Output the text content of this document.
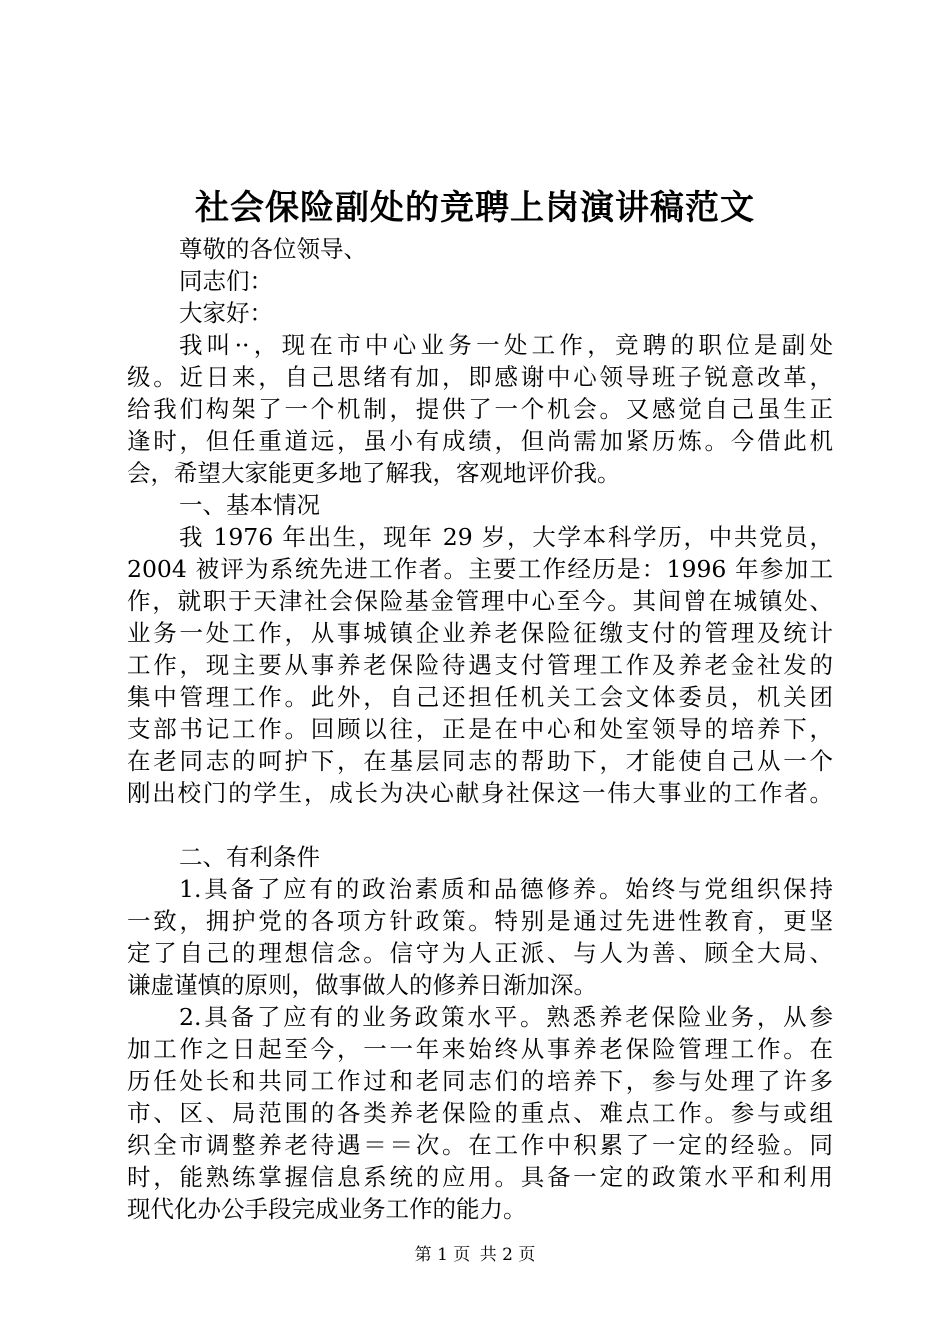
社会保险副处的竞聘上岗演讲稿范文
尊敬的各位领导、
同志们：
大家好：
我叫··，现在市中心业务一处工作，竞聘的职位是副处
级。近日来，自己思绪有加，即感谢中心领导班子锐意改革，
给我们构架了一个机制，提供了一个机会。又感觉自己虽生正
逢时，但任重道远，虽小有成绩，但尚需加紧历炼。今借此机
会，希望大家能更多地了解我，客观地评价我。
一、基本情况
我 1976 年出生，现年 29 岁，大学本科学历，中共党员，
2004 被评为系统先进工作者。主要工作经历是：1996 年参加工
作，就职于天津社会保险基金管理中心至今。其间曾在城镇处、
业务一处工作，从事城镇企业养老保险征缴支付的管理及统计
工作，现主要从事养老保险待遇支付管理工作及养老金社发的
集中管理工作。此外，自己还担任机关工会文体委员，机关团
支部书记工作。回顾以往，正是在中心和处室领导的培养下，
在老同志的呵护下，在基层同志的帮助下，才能使自己从一个
刚出校门的学生，成长为决心献身社保这一伟大事业的工作者。
二、有利条件
1.具备了应有的政治素质和品德修养。始终与党组织保持
一致，拥护党的各项方针政策。特别是通过先进性教育，更坚
定了自己的理想信念。信守为人正派、与人为善、顾全大局、
谦虚谨慎的原则，做事做人的修养日渐加深。
2.具备了应有的业务政策水平。熟悉养老保险业务，从参
加工作之日起至今，一一年来始终从事养老保险管理工作。在
历任处长和共同工作过和老同志们的培养下，参与处理了许多
市、区、局范围的各类养老保险的重点、难点工作。参与或组
织全市调整养老待遇＝＝次。在工作中积累了一定的经验。同
时，能熟练掌握信息系统的应用。具备一定的政策水平和利用
现代化办公手段完成业务工作的能力。
第 1 页 共 2 页
